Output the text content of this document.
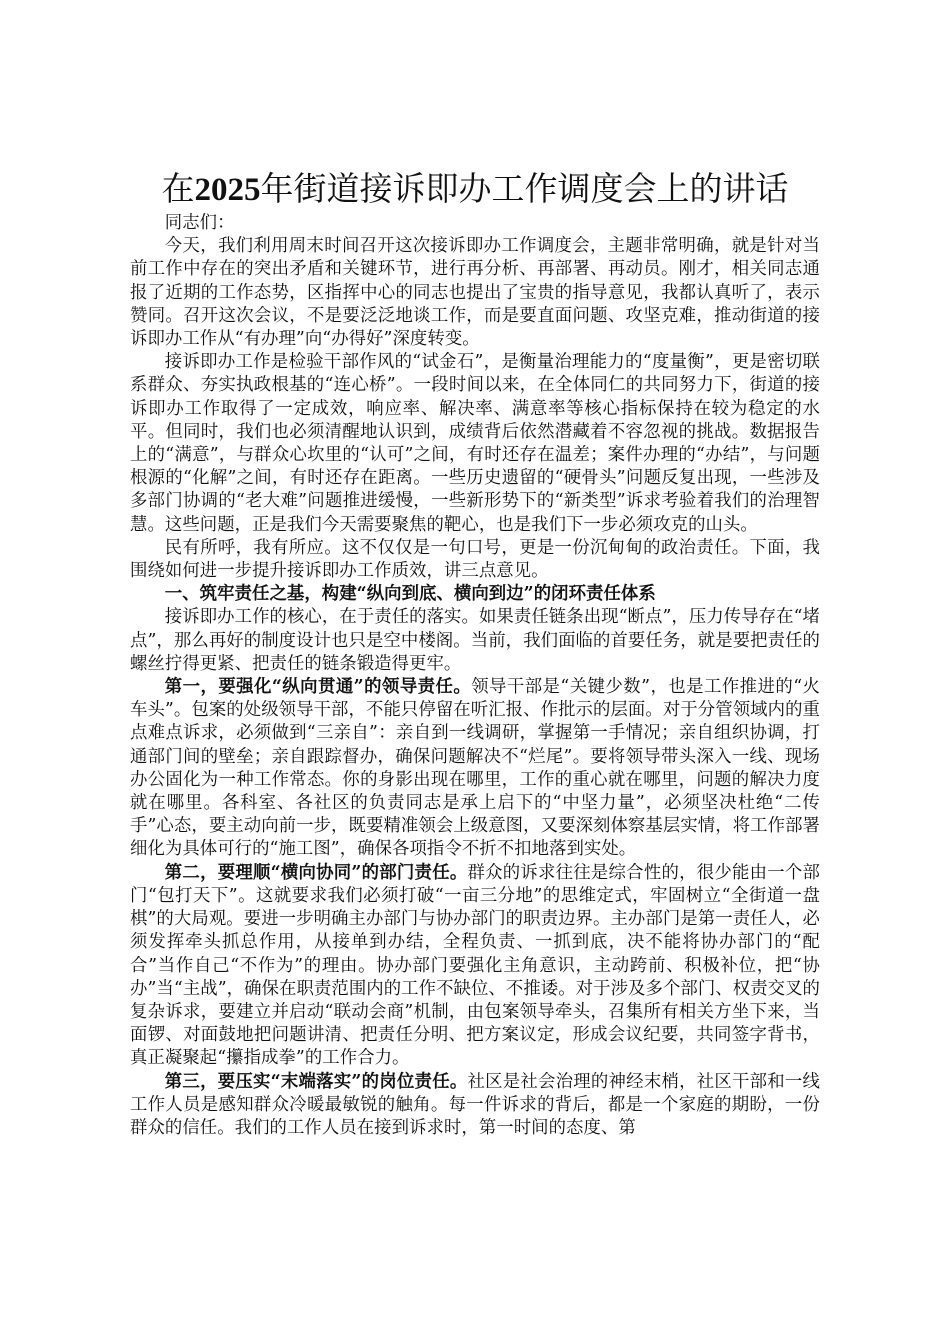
在2025年街道接诉即办工作调度会上的讲话

同志们：

今天，我们利用周末时间召开这次接诉即办工作调度会，主题非常明确，就是针对当前工作中存在的突出矛盾和关键环节，进行再分析、再部署、再动员。刚才，相关同志通报了近期的工作态势，区指挥中心的同志也提出了宝贵的指导意见，我都认真听了，表示赞同。召开这次会议，不是要泛泛地谈工作，而是要直面问题、攻坚克难，推动街道的接诉即办工作从“有办理”向“办得好”深度转变。

接诉即办工作是检验干部作风的“试金石”，是衡量治理能力的“度量衡”，更是密切联系群众、夯实执政根基的“连心桥”。一段时间以来，在全体同仁的共同努力下，街道的接诉即办工作取得了一定成效，响应率、解决率、满意率等核心指标保持在较为稳定的水平。但同时，我们也必须清醒地认识到，成绩背后依然潜藏着不容忽视的挑战。数据报告上的“满意”，与群众心坎里的“认可”之间，有时还存在温差；案件办理的“办结”，与问题根源的“化解”之间，有时还存在距离。一些历史遗留的“硬骨头”问题反复出现，一些涉及多部门协调的“老大难”问题推进缓慢，一些新形势下的“新类型”诉求考验着我们的治理智慧。这些问题，正是我们今天需要聚焦的靶心，也是我们下一步必须攻克的山头。

民有所呼，我有所应。这不仅仅是一句口号，更是一份沉甸甸的政治责任。下面，我围绕如何进一步提升接诉即办工作质效，讲三点意见。

一、筑牢责任之基，构建“纵向到底、横向到边”的闭环责任体系

接诉即办工作的核心，在于责任的落实。如果责任链条出现“断点”，压力传导存在“堵点”，那么再好的制度设计也只是空中楼阁。当前，我们面临的首要任务，就是要把责任的螺丝拧得更紧、把责任的链条锻造得更牢。

第一，要强化“纵向贯通”的领导责任。领导干部是“关键少数”，也是工作推进的“火车头”。包案的处级领导干部，不能只停留在听汇报、作批示的层面。对于分管领域内的重点难点诉求，必须做到“三亲自”：亲自到一线调研，掌握第一手情况；亲自组织协调，打通部门间的壁垒；亲自跟踪督办，确保问题解决不“烂尾”。要将领导带头深入一线、现场办公固化为一种工作常态。你的身影出现在哪里，工作的重心就在哪里，问题的解决力度就在哪里。各科室、各社区的负责同志是承上启下的“中坚力量”，必须坚决杜绝“二传手”心态，要主动向前一步，既要精准领会上级意图，又要深刻体察基层实情，将工作部署细化为具体可行的“施工图”，确保各项指令不折不扣地落到实处。

第二，要理顺“横向协同”的部门责任。群众的诉求往往是综合性的，很少能由一个部门“包打天下”。这就要求我们必须打破“一亩三分地”的思维定式，牢固树立“全街道一盘棋”的大局观。要进一步明确主办部门与协办部门的职责边界。主办部门是第一责任人，必须发挥牵头抓总作用，从接单到办结，全程负责、一抓到底，决不能将协办部门的“配合”当作自己“不作为”的理由。协办部门要强化主角意识，主动跨前、积极补位，把“协办”当“主战”，确保在职责范围内的工作不缺位、不推诿。对于涉及多个部门、权责交叉的复杂诉求，要建立并启动“联动会商”机制，由包案领导牵头，召集所有相关方坐下来，当面锣、对面鼓地把问题讲清、把责任分明、把方案议定，形成会议纪要，共同签字背书，真正凝聚起“攥指成拳”的工作合力。

第三，要压实“末端落实”的岗位责任。社区是社会治理的神经末梢，社区干部和一线工作人员是感知群众冷暖最敏锐的触角。每一件诉求的背后，都是一个家庭的期盼，一份群众的信任。我们的工作人员在接到诉求时，第一时间的态度、第
